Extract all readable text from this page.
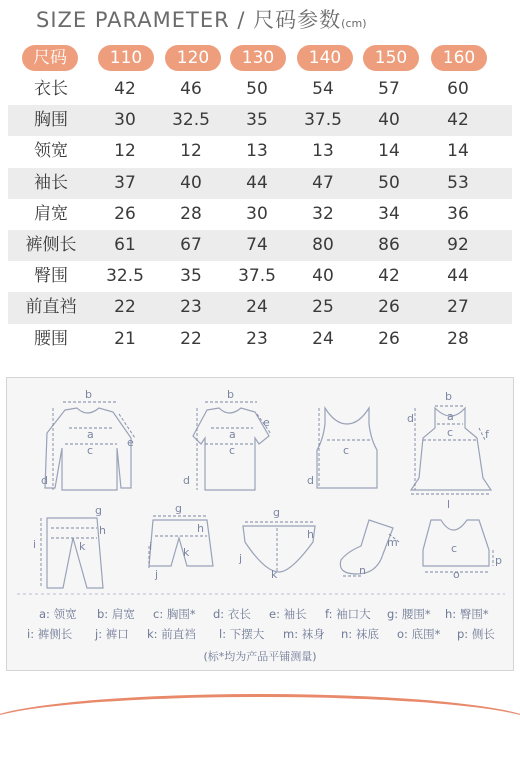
SIZE PARAMETER / 尺码参数(cm)
尺码	110	120	130	140	150	160
衣长	42	46	50	54	57	60
胸围	30	32.5	35	37.5	40	42
领宽	12	12	13	13	14	14
袖长	37	40	44	47	50	53
肩宽	26	28	30	32	34	36
裤侧长	61	67	74	80	86	92
臀围	32.5	35	37.5	40	42	44
前直裆	22	23	24	25	26	27
腰围	21	22	23	24	26	28
b
a
c
d
e
b
a
c
d
e
c
d
b
a
c
d
f
l
g
h
i	k
g
h
i	k
j
g
h
j
k
m
n
c
o
p
a: 领宽 b: 肩宽 c: 胸围* d: 衣长 e: 袖长 f: 袖口大 g: 腰围* h: 臀围*
i: 裤侧长 j: 裤口 k: 前直裆 l: 下摆大 m: 袜身 n: 袜底 o: 底围* p: 侧长
(标*均为产品平铺测量)
